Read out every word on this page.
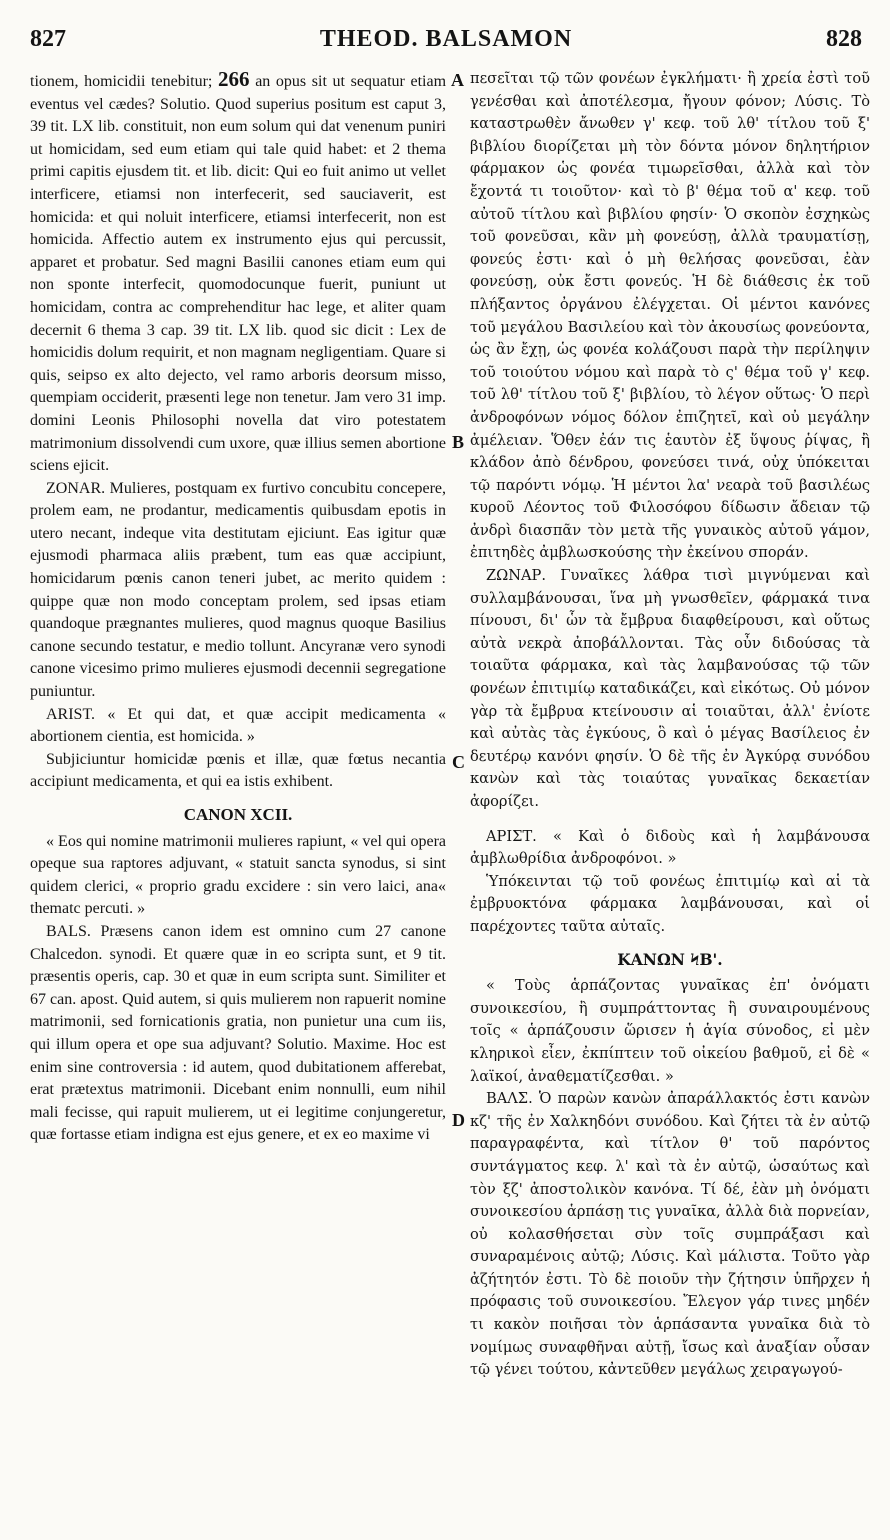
827	THEOD. BALSAMON	828

tionem, homicidii tenebitur; 266 an opus sit ut sequatur etiam eventus vel cædes? Solutio. Quod superius positum est caput 3, 39 tit. LX lib. constituit, non eum solum qui dat venenum puniri ut homicidam, sed eum etiam qui tale quid habet: et 2 thema primi capitis ejusdem tit. et lib. dicit: Qui eo fuit animo ut vellet interficere, etiamsi non interfecerit, sed sauciaverit, est homicida: et qui noluit interficere, etiamsi interfecerit, non est homicida. Affectio autem ex instrumento ejus qui percussit, apparet et probatur. Sed magni Basilii canones etiam eum qui non sponte interfecit, quomodocunque fuerit, puniunt ut homicidam, contra ac comprehenditur hac lege, et aliter quam decernit 6 thema 3 cap. 39 tit. LX lib. quod sic dicit : Lex de homicidis dolum requirit, et non magnam negligentiam. Quare si quis, seipso ex alto dejecto, vel ramo arboris deorsum misso, quempiam occiderit, præsenti lege non tenetur. Jam vero 31 imp. domini Leonis Philosophi novella dat viro potestatem matrimonium dissolvendi cum uxore, quæ illius semen abortione sciens ejicit.

ZONAR. Mulieres, postquam ex furtivo concubitu concepere, prolem eam, ne prodantur, medicamentis quibusdam epotis in utero necant, indeque vita destitutam ejiciunt. Eas igitur quæ ejusmodi pharmaca aliis præbent, tum eas quæ accipiunt, homicidarum pœnis canon teneri jubet, ac merito quidem : quippe quæ non modo conceptam prolem, sed ipsas etiam quandoque prægnantes mulieres, quod magnus quoque Basilius canone secundo testatur, e medio tollunt. Ancyranæ vero synodi canone vicesimo primo mulieres ejusmodi decennii segregatione puniuntur.

ARIST. « Et qui dat, et quæ accipit medicamenta « abortionem cientia, est homicida. »

Subjiciuntur homicidæ pœnis et illæ, quæ fœtus necantia accipiunt medicamenta, et qui ea istis exhibent.

CANON XCII.

« Eos qui nomine matrimonii mulieres rapiunt, « vel qui opera opeque sua raptores adjuvant, « statuit sancta synodus, si sint quidem clerici, « proprio gradu excidere : sin vero laici, ana« thematc percuti. »

BALS. Præsens canon idem est omnino cum 27 canone Chalcedon. synodi. Et quære quæ in eo scripta sunt, et 9 tit. præsentis operis, cap. 30 et quæ in eum scripta sunt. Similiter et 67 can. apost. Quid autem, si quis mulierem non rapuerit nomine matrimonii, sed fornicationis gratia, non punietur una cum iis, qui illum opera et ope sua adjuvant? Solutio. Maxime. Hoc est enim sine controversia : id autem, quod dubitationem afferebat, erat prætextus matrimonii. Dicebant enim nonnulli, eum nihil mali fecisse, qui rapuit mulierem, ut ei legitime conjungeretur, quæ fortasse etiam indigna est ejus genere, et ex eo maxime vi

πεσεῖται τῷ τῶν φονέων ἐγκλήματι· ἢ χρεία ἐστὶ τοῦ γενέσθαι καὶ ἀποτέλεσμα, ἤγουν φόνον; Λύσις. Τὸ καταστρωθὲν ἄνωθεν γ' κεφ. τοῦ λθ' τίτλου τοῦ ξ' βιβλίου διορίζεται μὴ τὸν δόντα μόνον δηλητήριον φάρμακον ὡς φονέα τιμωρεῖσθαι, ἀλλὰ καὶ τὸν ἔχοντά τι τοιοῦτον· καὶ τὸ β' θέμα τοῦ α' κεφ. τοῦ αὐτοῦ τίτλου καὶ βιβλίου φησίν· Ὁ σκοπὸν ἐσχηκὼς τοῦ φονεῦσαι, κἂν μὴ φονεύσῃ, ἀλλὰ τραυματίσῃ, φονεύς ἐστι· καὶ ὁ μὴ θελήσας φονεῦσαι, ἐὰν φονεύσῃ, οὐκ ἔστι φονεύς. Ἡ δὲ διάθεσις ἐκ τοῦ πλήξαντος ὀργάνου ἐλέγχεται. Οἱ μέντοι κανόνες τοῦ μεγάλου Βασιλείου καὶ τὸν ἀκουσίως φονεύοντα, ὡς ἂν ἔχῃ, ὡς φονέα κολάζουσι παρὰ τὴν περίληψιν τοῦ τοιούτου νόμου καὶ παρὰ τὸ ς' θέμα τοῦ γ' κεφ. τοῦ λθ' τίτλου τοῦ ξ' βιβλίου, τὸ λέγον οὕτως· Ὁ περὶ ἀνδροφόνων νόμος δόλον ἐπιζητεῖ, καὶ οὐ μεγάλην ἀμέλειαν. Ὅθεν ἐάν τις ἑαυτὸν ἐξ ὕψους ῥίψας, ἢ κλάδον ἀπὸ δένδρου, φονεύσει τινά, οὐχ ὑπόκειται τῷ παρόντι νόμῳ. Ἡ μέντοι λα' νεαρὰ τοῦ βασιλέως κυροῦ Λέοντος τοῦ Φιλοσόφου δίδωσιν ἄδειαν τῷ ἀνδρὶ διασπᾶν τὸν μετὰ τῆς γυναικὸς αὐτοῦ γάμον, ἐπιτηδὲς ἀμβλωσκούσης τὴν ἐκείνου σποράν.

ΖΩΝΑΡ. Γυναῖκες λάθρα τισὶ μιγνύμεναι καὶ συλλαμβάνουσαι, ἵνα μὴ γνωσθεῖεν, φάρμακά τινα πίνουσι, δι' ὧν τὰ ἔμβρυα διαφθείρουσι, καὶ οὕτως αὐτὰ νεκρὰ ἀποβάλλονται. Τὰς οὖν διδούσας τὰ τοιαῦτα φάρμακα, καὶ τὰς λαμβανούσας τῷ τῶν φονέων ἐπιτιμίῳ καταδικάζει, καὶ εἰκότως. Οὐ μόνον γὰρ τὰ ἔμβρυα κτείνουσιν αἱ τοιαῦται, ἀλλ' ἐνίοτε καὶ αὐτὰς τὰς ἐγκύους, ὃ καὶ ὁ μέγας Βασίλειος ἐν δευτέρῳ κανόνι φησίν. Ὁ δὲ τῆς ἐν Ἀγκύρᾳ συνόδου κανὼν καὶ τὰς τοιαύτας γυναῖκας δεκαετίαν ἀφορίζει.

ΑΡΙΣΤ. « Καὶ ὁ διδοὺς καὶ ἡ λαμβάνουσα ἀμβλωθρίδια ἀνδροφόνοι. »

Ὑπόκεινται τῷ τοῦ φονέως ἐπιτιμίῳ καὶ αἱ τὰ ἐμβρυοκτόνα φάρμακα λαμβάνουσαι, καὶ οἱ παρέχοντες ταῦτα αὐταῖς.

ΚΑΝΩΝ ϞΒ'.

« Τοὺς ἁρπάζοντας γυναῖκας ἐπ' ὀνόματι συνοικεσίου, ἢ συμπράττοντας ἢ συναιρουμένους τοῖς « ἁρπάζουσιν ὥρισεν ἡ ἁγία σύνοδος, εἰ μὲν κληρικοὶ εἶεν, ἐκπίπτειν τοῦ οἰκείου βαθμοῦ, εἰ δὲ « λαϊκοί, ἀναθεματίζεσθαι. »

ΒΑΛΣ. Ὁ παρὼν κανὼν ἀπαράλλακτός ἐστι κανὼν κζ' τῆς ἐν Χαλκηδόνι συνόδου. Καὶ ζήτει τὰ ἐν αὐτῷ παραγραφέντα, καὶ τίτλον θ' τοῦ παρόντος συντάγματος κεφ. λ' καὶ τὰ ἐν αὐτῷ, ὡσαύτως καὶ τὸν ξζ' ἀποστολικὸν κανόνα. Τί δέ, ἐὰν μὴ ὀνόματι συνοικεσίου ἁρπάσῃ τις γυναῖκα, ἀλλὰ διὰ πορνείαν, οὐ κολασθήσεται σὺν τοῖς συμπράξασι καὶ συναραμένοις αὐτῷ; Λύσις. Καὶ μάλιστα. Τοῦτο γὰρ ἀζήτητόν ἐστι. Τὸ δὲ ποιοῦν τὴν ζήτησιν ὑπῆρχεν ἡ πρόφασις τοῦ συνοικεσίου. Ἔλεγον γάρ τινες μηδέν τι κακὸν ποιῆσαι τὸν ἁρπάσαντα γυναῖκα διὰ τὸ νομίμως συναφθῆναι αὐτῇ, ἴσως καὶ ἀναξίαν οὖσαν τῷ γένει τούτου, κἀντεῦθεν μεγάλως χειραγωγού-

A
B
C
D
